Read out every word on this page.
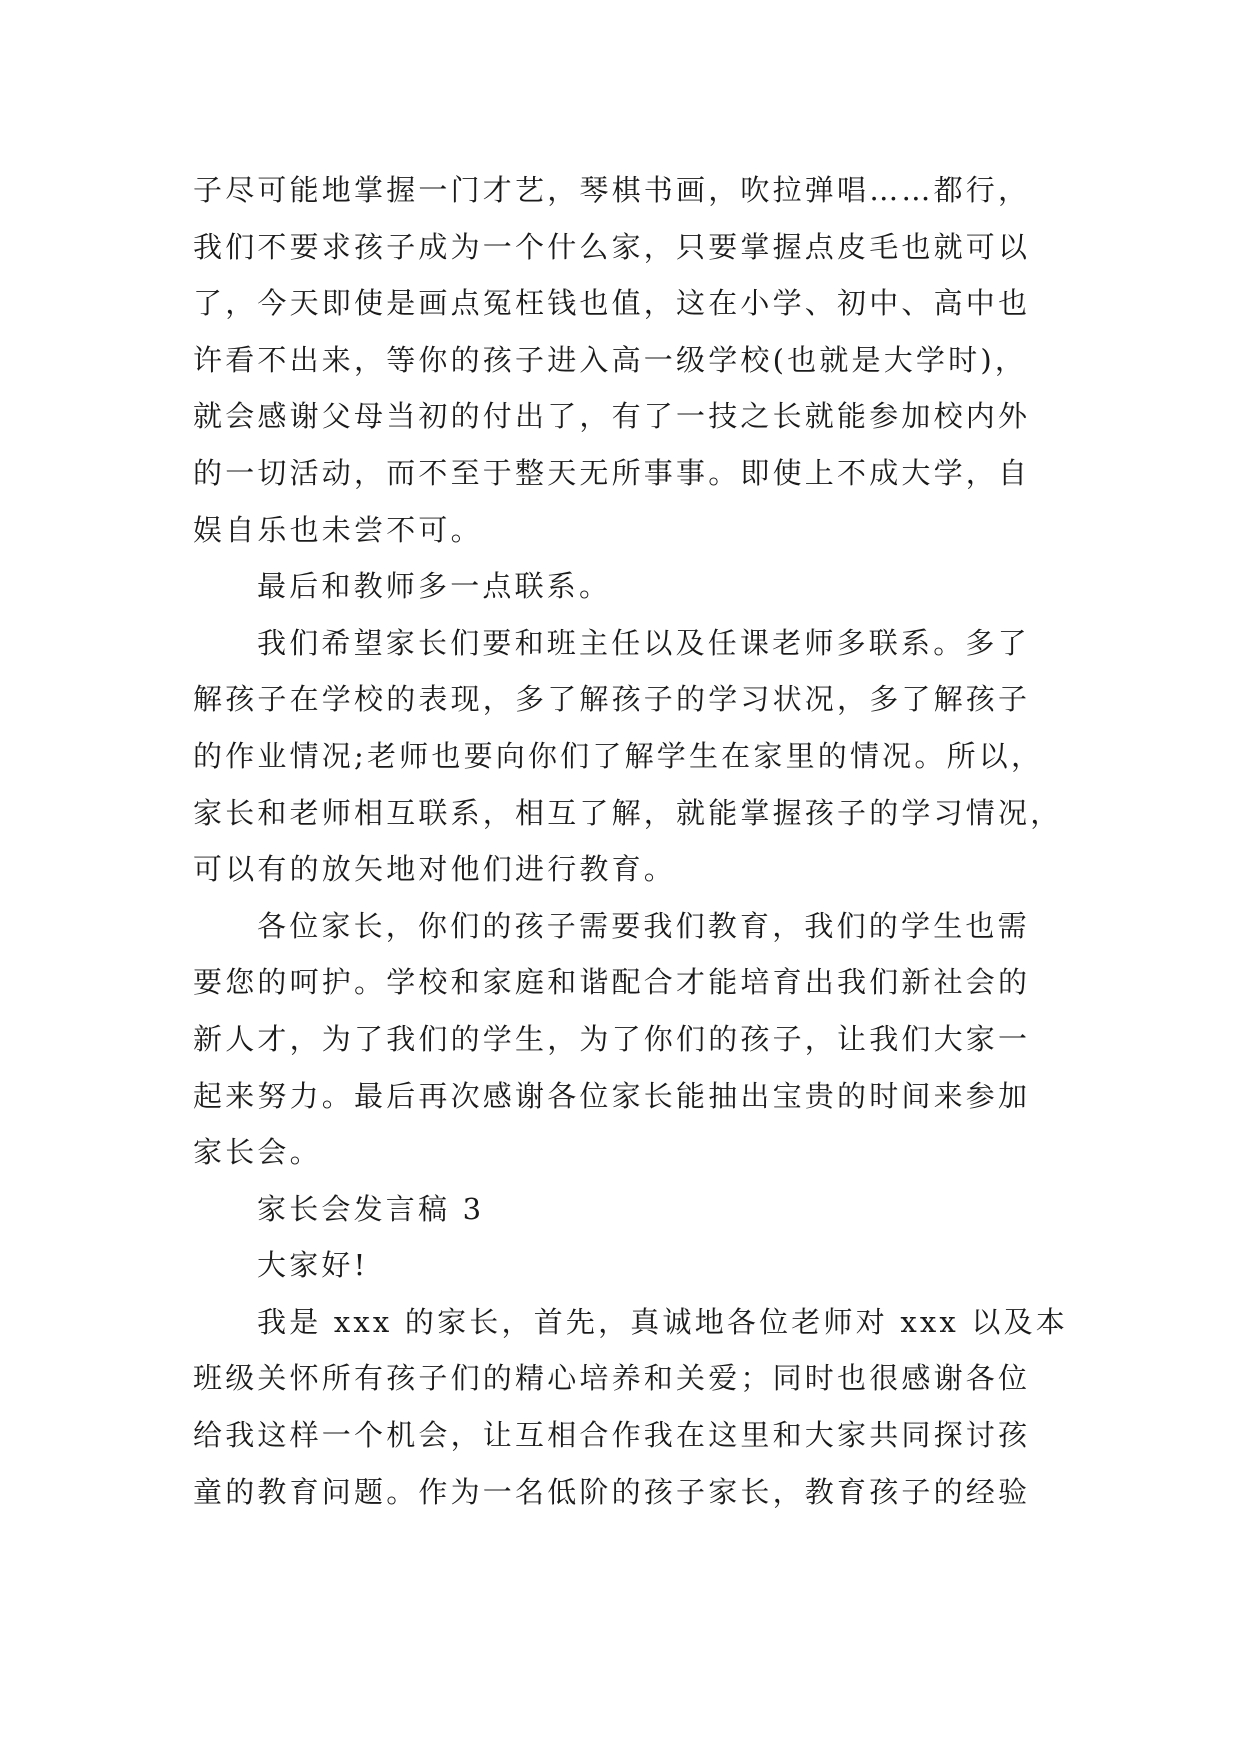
子尽可能地掌握一门才艺，琴棋书画，吹拉弹唱……都行，
我们不要求孩子成为一个什么家，只要掌握点皮毛也就可以
了，今天即使是画点冤枉钱也值，这在小学、初中、高中也
许看不出来，等你的孩子进入高一级学校(也就是大学时)，
就会感谢父母当初的付出了，有了一技之长就能参加校内外
的一切活动，而不至于整天无所事事。即使上不成大学，自
娱自乐也未尝不可。

最后和教师多一点联系。

我们希望家长们要和班主任以及任课老师多联系。多了
解孩子在学校的表现，多了解孩子的学习状况，多了解孩子
的作业情况;老师也要向你们了解学生在家里的情况。所以，
家长和老师相互联系，相互了解，就能掌握孩子的学习情况，
可以有的放矢地对他们进行教育。

各位家长，你们的孩子需要我们教育，我们的学生也需
要您的呵护。学校和家庭和谐配合才能培育出我们新社会的
新人才，为了我们的学生，为了你们的孩子，让我们大家一
起来努力。最后再次感谢各位家长能抽出宝贵的时间来参加
家长会。

家长会发言稿 3

大家好!

我是 xxx 的家长，首先，真诚地各位老师对 xxx 以及本
班级关怀所有孩子们的精心培养和关爱；同时也很感谢各位
给我这样一个机会，让互相合作我在这里和大家共同探讨孩
童的教育问题。作为一名低阶的孩子家长，教育孩子的经验
